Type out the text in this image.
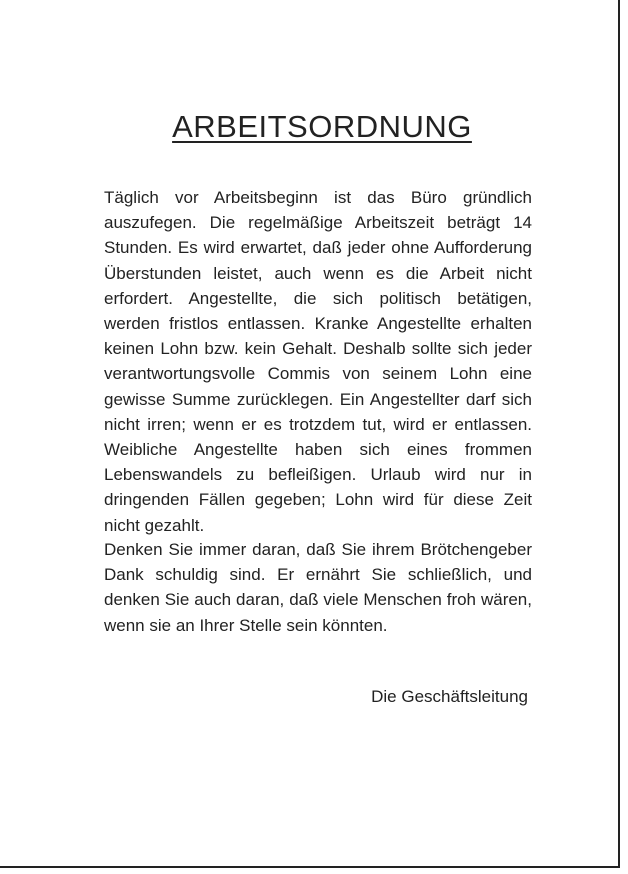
ARBEITSORDNUNG

Täglich vor Arbeitsbeginn ist das Büro gründlich auszufegen. Die regelmäßige Arbeitszeit beträgt 14 Stunden. Es wird erwartet, daß jeder ohne Aufforderung Überstunden leistet, auch wenn es die Arbeit nicht erfordert. Angestellte, die sich politisch betätigen, werden fristlos entlassen. Kranke Angestellte erhalten keinen Lohn bzw. kein Gehalt. Deshalb sollte sich jeder verantwortungsvolle Commis von seinem Lohn eine gewisse Summe zurücklegen. Ein Angestellter darf sich nicht irren; wenn er es trotzdem tut, wird er entlassen. Weibliche Angestellte haben sich eines frommen Lebenswandels zu befleißigen. Urlaub wird nur in dringenden Fällen gegeben; Lohn wird für diese Zeit nicht gezahlt.

Denken Sie immer daran, daß Sie ihrem Brötchengeber Dank schuldig sind. Er ernährt Sie schließlich, und denken Sie auch daran, daß viele Menschen froh wären, wenn sie an Ihrer Stelle sein könnten.

Die Geschäftsleitung
